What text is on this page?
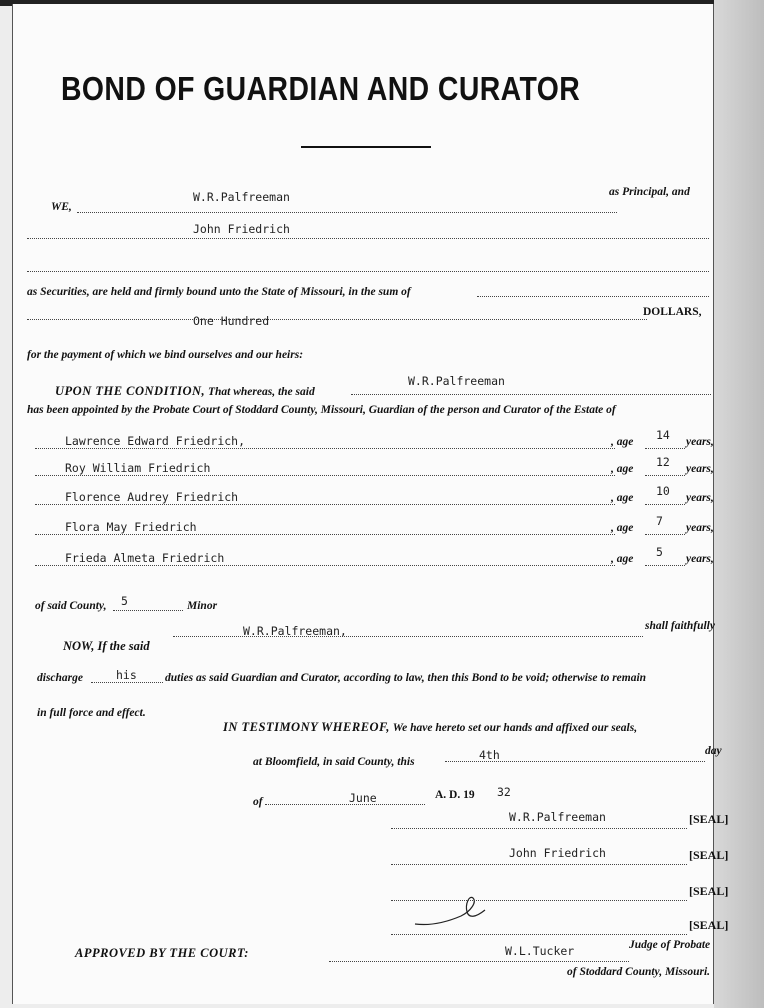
BOND OF GUARDIAN AND CURATOR
WE,
W.R.Palfreeman	as Principal, and
John Friedrich
as Securities, are held and firmly bound unto the State of Missouri, in the sum of
One Hundred
DOLLARS,
for the payment of which we bind ourselves and our heirs:
UPON THE CONDITION, That whereas, the said
W.R.Palfreeman
has been appointed by the Probate Court of Stoddard County, Missouri, Guardian of the person and Curator of the Estate of
of said County, 5	Minor
NOW, If the said
W.R.Palfreeman,	shall faithfully
discharge	his duties as said Guardian and Curator, according to law, then this Bond to be void; otherwise to remain
in full force and effect.
IN TESTIMONY WHEREOF, We have hereto set our hands and affixed our seals,
at Bloomfield, in said County, this	4th	day
of	June	A. D. 19 32
APPROVED BY THE COURT:	W.L.Tucker	Judge of Probate
of Stoddard County, Missouri.
Lawrence Edward Friedrich,	, age 14 years,
Roy William Friedrich	, age 12 years,
Florence Audrey Friedrich	, age 10 years,
Flora May Friedrich	, age 7 years,
Frieda Almeta Friedrich	, age 5 years,
W.R.Palfreeman	[SEAL]
John Friedrich	[SEAL]
[SEAL]
[SEAL]
